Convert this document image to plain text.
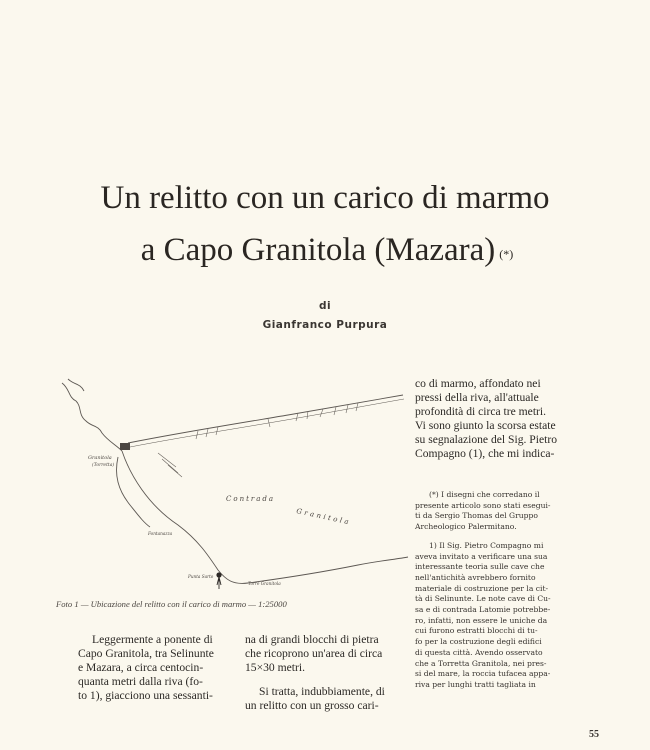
Un relitto con un carico di marmo
a Capo Granitola (Mazara) (*)
di
Gianfranco Purpura
Granitola
(Torretta)
Contrada
Granitola
Fontanazza
Punta Sarto
Torre Granitola
Foto 1 — Ubicazione del relitto con il carico di marmo — 1:25000
co di marmo, affondato nei
pressi della riva, all'attuale
profondità di circa tre metri.
Vi sono giunto la scorsa estate
su segnalazione del Sig. Pietro
Compagno (1), che mi indica-
(*) I disegni che corredano il
presente articolo sono stati esegui-
ti da Sergio Thomas del Gruppo
Archeologico Palermitano.
1) Il Sig. Pietro Compagno mi
aveva invitato a verificare una sua
interessante teoria sulle cave che
nell'antichità avrebbero fornito
materiale di costruzione per la cit-
tà di Selinunte. Le note cave di Cu-
sa e di contrada Latomie potrebbe-
ro, infatti, non essere le uniche da
cui furono estratti blocchi di tu-
fo per la costruzione degli edifici
di questa città. Avendo osservato
che a Torretta Granitola, nei pres-
si del mare, la roccia tufacea appa-
riva per lunghi tratti tagliata in
Leggermente a ponente di
Capo Granitola, tra Selinunte
e Mazara, a circa centocin-
quanta metri dalla riva (fo-
to 1), giacciono una sessanti-
na di grandi blocchi di pietra
che ricoprono un'area di circa
15×30 metri.
Si tratta, indubbiamente, di
un relitto con un grosso cari-
55
